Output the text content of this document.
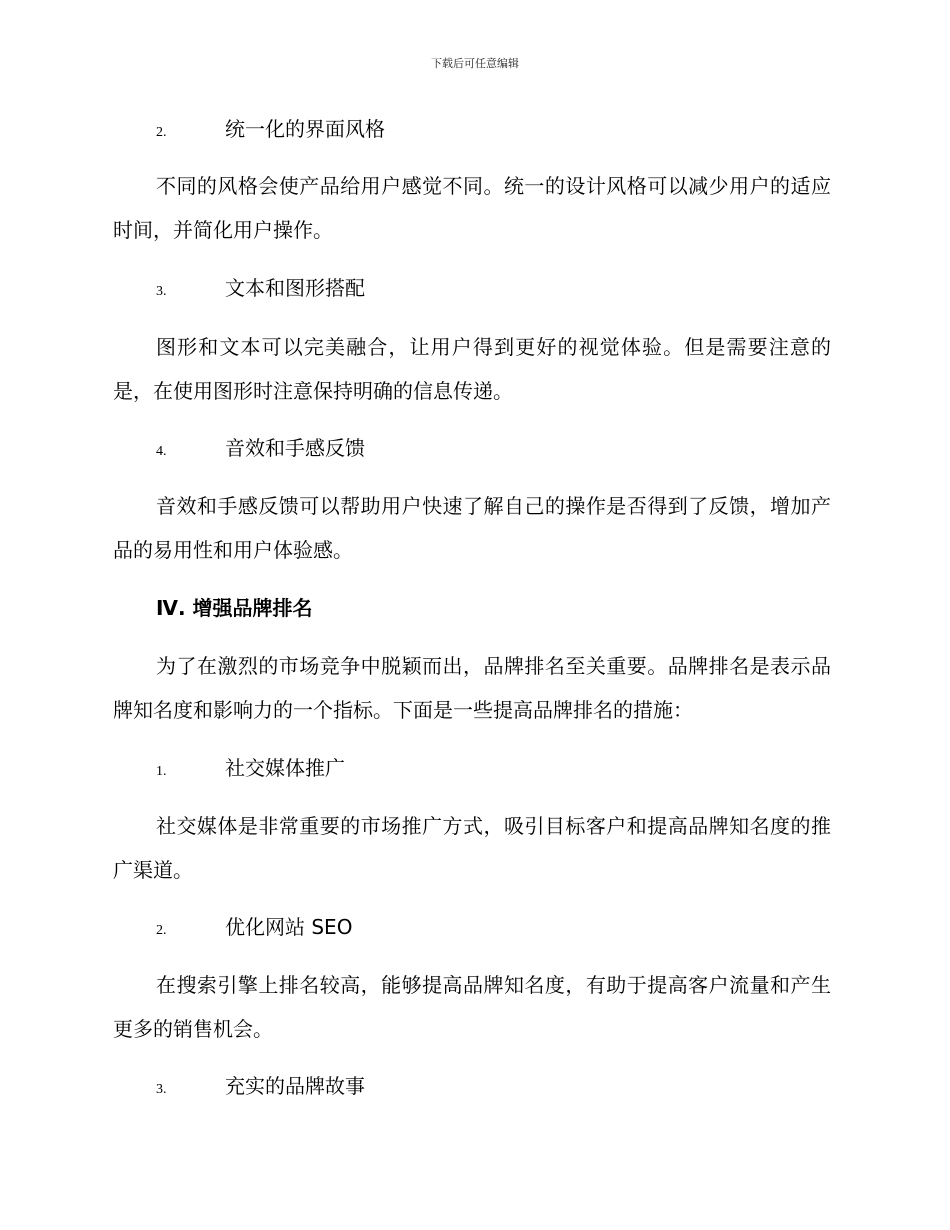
下载后可任意编辑
2.	统一化的界面风格

不同的风格会使产品给用户感觉不同。统一的设计风格可以减少用户的适应时间，并简化用户操作。

3.	文本和图形搭配

图形和文本可以完美融合，让用户得到更好的视觉体验。但是需要注意的是，在使用图形时注意保持明确的信息传递。

4.	音效和手感反馈

音效和手感反馈可以帮助用户快速了解自己的操作是否得到了反馈，增加产品的易用性和用户体验感。

Ⅳ. 增强品牌排名

为了在激烈的市场竞争中脱颖而出，品牌排名至关重要。品牌排名是表示品牌知名度和影响力的一个指标。下面是一些提高品牌排名的措施：

1.	社交媒体推广

社交媒体是非常重要的市场推广方式，吸引目标客户和提高品牌知名度的推广渠道。

2.	优化网站 SEO

在搜索引擎上排名较高，能够提高品牌知名度，有助于提高客户流量和产生更多的销售机会。

3.	充实的品牌故事
